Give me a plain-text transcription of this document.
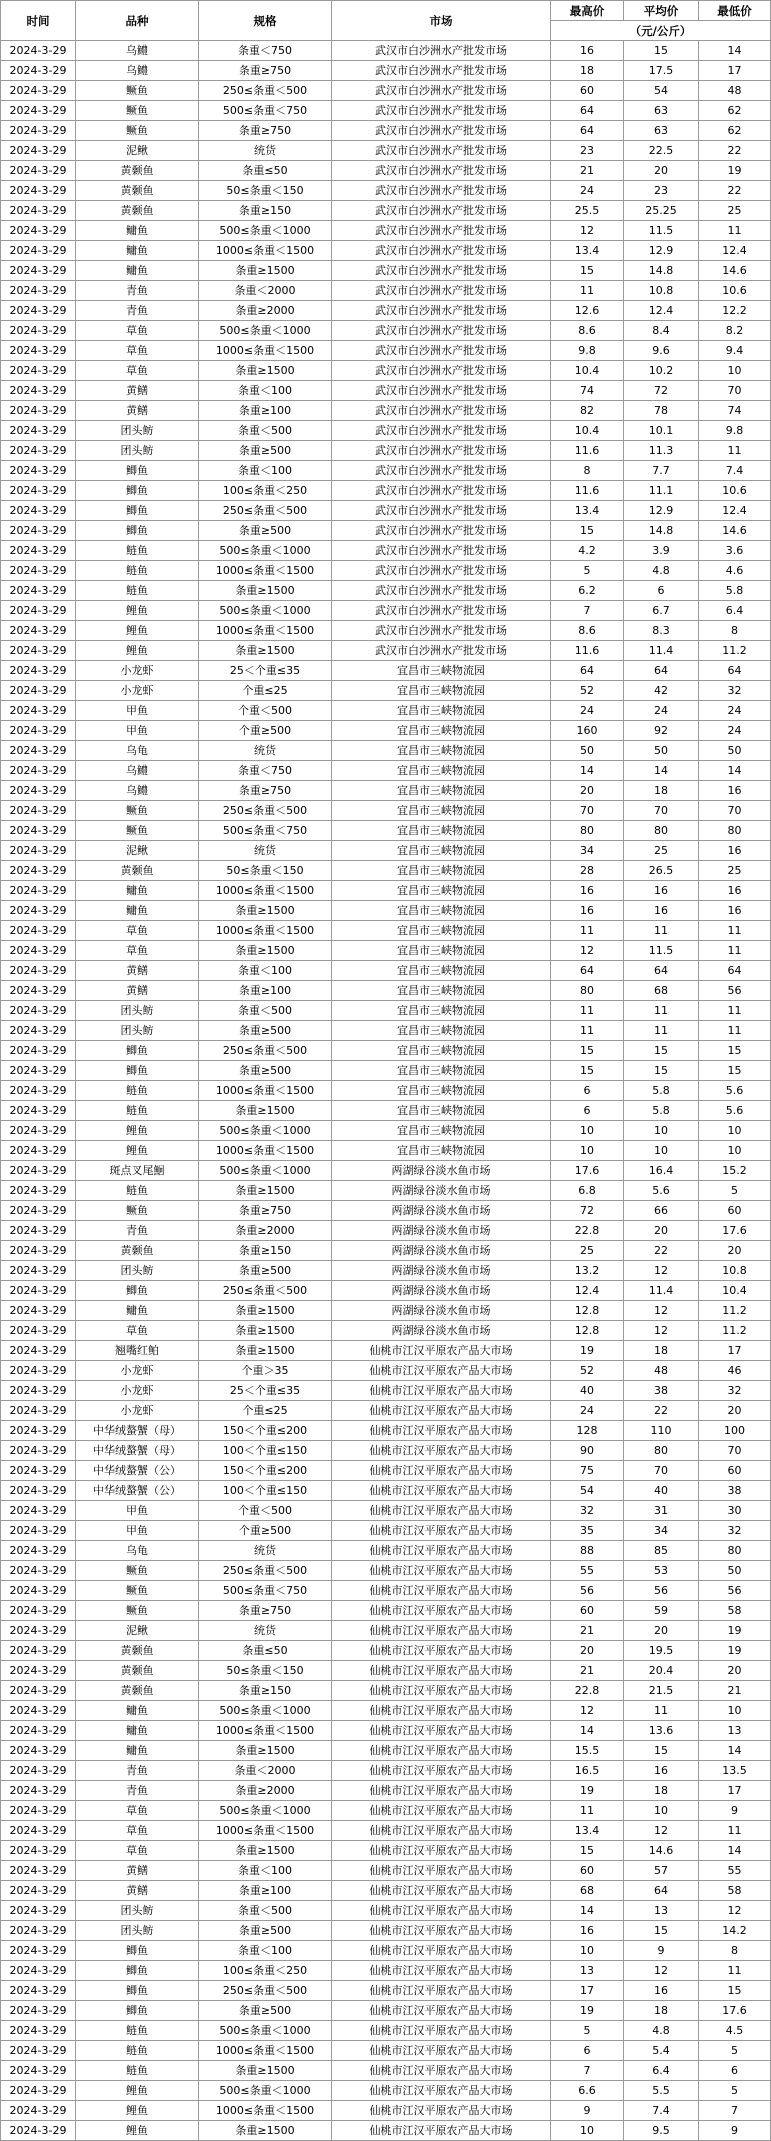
时间	品种	规格	市场	最高价	平均价	最低价
				（元/公斤）		
2024-3-29	乌鳢	条重＜750	武汉市白沙洲水产批发市场	16	15	14
2024-3-29	乌鳢	条重≥750	武汉市白沙洲水产批发市场	18	17.5	17
2024-3-29	鳜鱼	250≤条重＜500	武汉市白沙洲水产批发市场	60	54	48
2024-3-29	鳜鱼	500≤条重＜750	武汉市白沙洲水产批发市场	64	63	62
2024-3-29	鳜鱼	条重≥750	武汉市白沙洲水产批发市场	64	63	62
2024-3-29	泥鳅	统货	武汉市白沙洲水产批发市场	23	22.5	22
2024-3-29	黄颡鱼	条重≤50	武汉市白沙洲水产批发市场	21	20	19
2024-3-29	黄颡鱼	50≤条重＜150	武汉市白沙洲水产批发市场	24	23	22
2024-3-29	黄颡鱼	条重≥150	武汉市白沙洲水产批发市场	25.5	25.25	25
2024-3-29	鳙鱼	500≤条重＜1000	武汉市白沙洲水产批发市场	12	11.5	11
2024-3-29	鳙鱼	1000≤条重＜1500	武汉市白沙洲水产批发市场	13.4	12.9	12.4
2024-3-29	鳙鱼	条重≥1500	武汉市白沙洲水产批发市场	15	14.8	14.6
2024-3-29	青鱼	条重＜2000	武汉市白沙洲水产批发市场	11	10.8	10.6
2024-3-29	青鱼	条重≥2000	武汉市白沙洲水产批发市场	12.6	12.4	12.2
2024-3-29	草鱼	500≤条重＜1000	武汉市白沙洲水产批发市场	8.6	8.4	8.2
2024-3-29	草鱼	1000≤条重＜1500	武汉市白沙洲水产批发市场	9.8	9.6	9.4
2024-3-29	草鱼	条重≥1500	武汉市白沙洲水产批发市场	10.4	10.2	10
2024-3-29	黄鳝	条重＜100	武汉市白沙洲水产批发市场	74	72	70
2024-3-29	黄鳝	条重≥100	武汉市白沙洲水产批发市场	82	78	74
2024-3-29	团头鲂	条重＜500	武汉市白沙洲水产批发市场	10.4	10.1	9.8
2024-3-29	团头鲂	条重≥500	武汉市白沙洲水产批发市场	11.6	11.3	11
2024-3-29	鲫鱼	条重＜100	武汉市白沙洲水产批发市场	8	7.7	7.4
2024-3-29	鲫鱼	100≤条重＜250	武汉市白沙洲水产批发市场	11.6	11.1	10.6
2024-3-29	鲫鱼	250≤条重＜500	武汉市白沙洲水产批发市场	13.4	12.9	12.4
2024-3-29	鲫鱼	条重≥500	武汉市白沙洲水产批发市场	15	14.8	14.6
2024-3-29	鲢鱼	500≤条重＜1000	武汉市白沙洲水产批发市场	4.2	3.9	3.6
2024-3-29	鲢鱼	1000≤条重＜1500	武汉市白沙洲水产批发市场	5	4.8	4.6
2024-3-29	鲢鱼	条重≥1500	武汉市白沙洲水产批发市场	6.2	6	5.8
2024-3-29	鲤鱼	500≤条重＜1000	武汉市白沙洲水产批发市场	7	6.7	6.4
2024-3-29	鲤鱼	1000≤条重＜1500	武汉市白沙洲水产批发市场	8.6	8.3	8
2024-3-29	鲤鱼	条重≥1500	武汉市白沙洲水产批发市场	11.6	11.4	11.2
2024-3-29	小龙虾	25＜个重≤35	宜昌市三峡物流园	64	64	64
2024-3-29	小龙虾	个重≤25	宜昌市三峡物流园	52	42	32
2024-3-29	甲鱼	个重＜500	宜昌市三峡物流园	24	24	24
2024-3-29	甲鱼	个重≥500	宜昌市三峡物流园	160	92	24
2024-3-29	乌龟	统货	宜昌市三峡物流园	50	50	50
2024-3-29	乌鳢	条重＜750	宜昌市三峡物流园	14	14	14
2024-3-29	乌鳢	条重≥750	宜昌市三峡物流园	20	18	16
2024-3-29	鳜鱼	250≤条重＜500	宜昌市三峡物流园	70	70	70
2024-3-29	鳜鱼	500≤条重＜750	宜昌市三峡物流园	80	80	80
2024-3-29	泥鳅	统货	宜昌市三峡物流园	34	25	16
2024-3-29	黄颡鱼	50≤条重＜150	宜昌市三峡物流园	28	26.5	25
2024-3-29	鳙鱼	1000≤条重＜1500	宜昌市三峡物流园	16	16	16
2024-3-29	鳙鱼	条重≥1500	宜昌市三峡物流园	16	16	16
2024-3-29	草鱼	1000≤条重＜1500	宜昌市三峡物流园	11	11	11
2024-3-29	草鱼	条重≥1500	宜昌市三峡物流园	12	11.5	11
2024-3-29	黄鳝	条重＜100	宜昌市三峡物流园	64	64	64
2024-3-29	黄鳝	条重≥100	宜昌市三峡物流园	80	68	56
2024-3-29	团头鲂	条重＜500	宜昌市三峡物流园	11	11	11
2024-3-29	团头鲂	条重≥500	宜昌市三峡物流园	11	11	11
2024-3-29	鲫鱼	250≤条重＜500	宜昌市三峡物流园	15	15	15
2024-3-29	鲫鱼	条重≥500	宜昌市三峡物流园	15	15	15
2024-3-29	鲢鱼	1000≤条重＜1500	宜昌市三峡物流园	6	5.8	5.6
2024-3-29	鲢鱼	条重≥1500	宜昌市三峡物流园	6	5.8	5.6
2024-3-29	鲤鱼	500≤条重＜1000	宜昌市三峡物流园	10	10	10
2024-3-29	鲤鱼	1000≤条重＜1500	宜昌市三峡物流园	10	10	10
2024-3-29	斑点叉尾鮰	500≤条重＜1000	两湖绿谷淡水鱼市场	17.6	16.4	15.2
2024-3-29	鲢鱼	条重≥1500	两湖绿谷淡水鱼市场	6.8	5.6	5
2024-3-29	鳜鱼	条重≥750	两湖绿谷淡水鱼市场	72	66	60
2024-3-29	青鱼	条重≥2000	两湖绿谷淡水鱼市场	22.8	20	17.6
2024-3-29	黄颡鱼	条重≥150	两湖绿谷淡水鱼市场	25	22	20
2024-3-29	团头鲂	条重≥500	两湖绿谷淡水鱼市场	13.2	12	10.8
2024-3-29	鲫鱼	250≤条重＜500	两湖绿谷淡水鱼市场	12.4	11.4	10.4
2024-3-29	鳙鱼	条重≥1500	两湖绿谷淡水鱼市场	12.8	12	11.2
2024-3-29	草鱼	条重≥1500	两湖绿谷淡水鱼市场	12.8	12	11.2
2024-3-29	翘嘴红鲌	条重≥1500	仙桃市江汉平原农产品大市场	19	18	17
2024-3-29	小龙虾	个重＞35	仙桃市江汉平原农产品大市场	52	48	46
2024-3-29	小龙虾	25＜个重≤35	仙桃市江汉平原农产品大市场	40	38	32
2024-3-29	小龙虾	个重≤25	仙桃市江汉平原农产品大市场	24	22	20
2024-3-29	中华绒螯蟹（母）	150＜个重≤200	仙桃市江汉平原农产品大市场	128	110	100
2024-3-29	中华绒螯蟹（母）	100＜个重≤150	仙桃市江汉平原农产品大市场	90	80	70
2024-3-29	中华绒螯蟹（公）	150＜个重≤200	仙桃市江汉平原农产品大市场	75	70	60
2024-3-29	中华绒螯蟹（公）	100＜个重≤150	仙桃市江汉平原农产品大市场	54	40	38
2024-3-29	甲鱼	个重＜500	仙桃市江汉平原农产品大市场	32	31	30
2024-3-29	甲鱼	个重≥500	仙桃市江汉平原农产品大市场	35	34	32
2024-3-29	乌龟	统货	仙桃市江汉平原农产品大市场	88	85	80
2024-3-29	鳜鱼	250≤条重＜500	仙桃市江汉平原农产品大市场	55	53	50
2024-3-29	鳜鱼	500≤条重＜750	仙桃市江汉平原农产品大市场	56	56	56
2024-3-29	鳜鱼	条重≥750	仙桃市江汉平原农产品大市场	60	59	58
2024-3-29	泥鳅	统货	仙桃市江汉平原农产品大市场	21	20	19
2024-3-29	黄颡鱼	条重≤50	仙桃市江汉平原农产品大市场	20	19.5	19
2024-3-29	黄颡鱼	50≤条重＜150	仙桃市江汉平原农产品大市场	21	20.4	20
2024-3-29	黄颡鱼	条重≥150	仙桃市江汉平原农产品大市场	22.8	21.5	21
2024-3-29	鳙鱼	500≤条重＜1000	仙桃市江汉平原农产品大市场	12	11	10
2024-3-29	鳙鱼	1000≤条重＜1500	仙桃市江汉平原农产品大市场	14	13.6	13
2024-3-29	鳙鱼	条重≥1500	仙桃市江汉平原农产品大市场	15.5	15	14
2024-3-29	青鱼	条重＜2000	仙桃市江汉平原农产品大市场	16.5	16	13.5
2024-3-29	青鱼	条重≥2000	仙桃市江汉平原农产品大市场	19	18	17
2024-3-29	草鱼	500≤条重＜1000	仙桃市江汉平原农产品大市场	11	10	9
2024-3-29	草鱼	1000≤条重＜1500	仙桃市江汉平原农产品大市场	13.4	12	11
2024-3-29	草鱼	条重≥1500	仙桃市江汉平原农产品大市场	15	14.6	14
2024-3-29	黄鳝	条重＜100	仙桃市江汉平原农产品大市场	60	57	55
2024-3-29	黄鳝	条重≥100	仙桃市江汉平原农产品大市场	68	64	58
2024-3-29	团头鲂	条重＜500	仙桃市江汉平原农产品大市场	14	13	12
2024-3-29	团头鲂	条重≥500	仙桃市江汉平原农产品大市场	16	15	14.2
2024-3-29	鲫鱼	条重＜100	仙桃市江汉平原农产品大市场	10	9	8
2024-3-29	鲫鱼	100≤条重＜250	仙桃市江汉平原农产品大市场	13	12	11
2024-3-29	鲫鱼	250≤条重＜500	仙桃市江汉平原农产品大市场	17	16	15
2024-3-29	鲫鱼	条重≥500	仙桃市江汉平原农产品大市场	19	18	17.6
2024-3-29	鲢鱼	500≤条重＜1000	仙桃市江汉平原农产品大市场	5	4.8	4.5
2024-3-29	鲢鱼	1000≤条重＜1500	仙桃市江汉平原农产品大市场	6	5.4	5
2024-3-29	鲢鱼	条重≥1500	仙桃市江汉平原农产品大市场	7	6.4	6
2024-3-29	鲤鱼	500≤条重＜1000	仙桃市江汉平原农产品大市场	6.6	5.5	5
2024-3-29	鲤鱼	1000≤条重＜1500	仙桃市江汉平原农产品大市场	9	7.4	7
2024-3-29	鲤鱼	条重≥1500	仙桃市江汉平原农产品大市场	10	9.5	9
